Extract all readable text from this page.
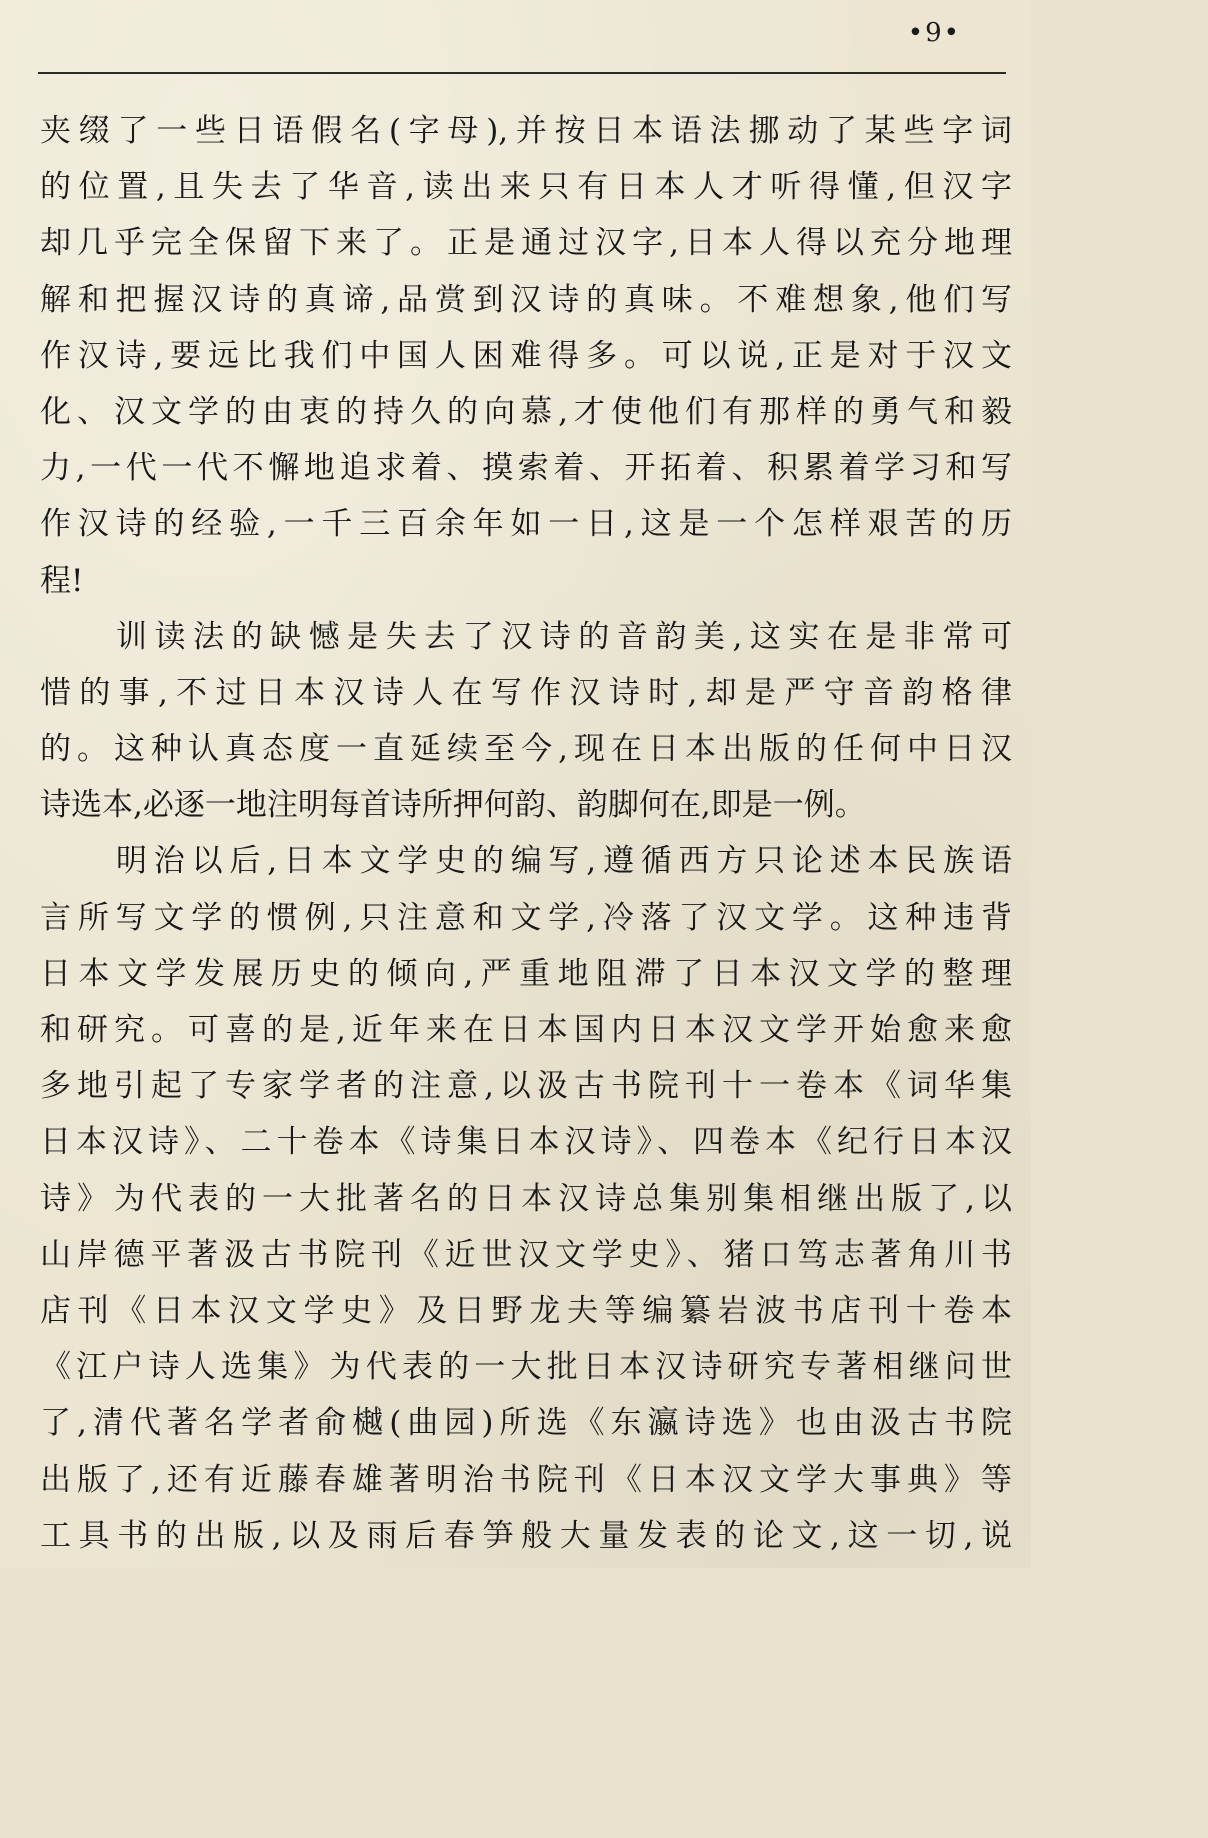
•9•
夹缀了一些日语假名(字母),并按日本语法挪动了某些字词
的位置,且失去了华音,读出来只有日本人才听得懂,但汉字
却几乎完全保留下来了。正是通过汉字,日本人得以充分地理
解和把握汉诗的真谛,品赏到汉诗的真味。不难想象,他们写
作汉诗,要远比我们中国人困难得多。可以说,正是对于汉文
化、汉文学的由衷的持久的向慕,才使他们有那样的勇气和毅
力,一代一代不懈地追求着、摸索着、开拓着、积累着学习和写
作汉诗的经验,一千三百余年如一日,这是一个怎样艰苦的历
程!
训读法的缺憾是失去了汉诗的音韵美,这实在是非常可
惜的事,不过日本汉诗人在写作汉诗时,却是严守音韵格律
的。这种认真态度一直延续至今,现在日本出版的任何中日汉
诗选本,必逐一地注明每首诗所押何韵、韵脚何在,即是一例。
明治以后,日本文学史的编写,遵循西方只论述本民族语
言所写文学的惯例,只注意和文学,冷落了汉文学。这种违背
日本文学发展历史的倾向,严重地阻滞了日本汉文学的整理
和研究。可喜的是,近年来在日本国内日本汉文学开始愈来愈
多地引起了专家学者的注意,以汲古书院刊十一卷本《词华集
日本汉诗》、二十卷本《诗集日本汉诗》、四卷本《纪行日本汉
诗》为代表的一大批著名的日本汉诗总集别集相继出版了,以
山岸德平著汲古书院刊《近世汉文学史》、猪口笃志著角川书
店刊《日本汉文学史》及日野龙夫等编纂岩波书店刊十卷本
《江户诗人选集》为代表的一大批日本汉诗研究专著相继问世
了,清代著名学者俞樾(曲园)所选《东瀛诗选》也由汲古书院
出版了,还有近藤春雄著明治书院刊《日本汉文学大事典》等
工具书的出版,以及雨后春笋般大量发表的论文,这一切,说
